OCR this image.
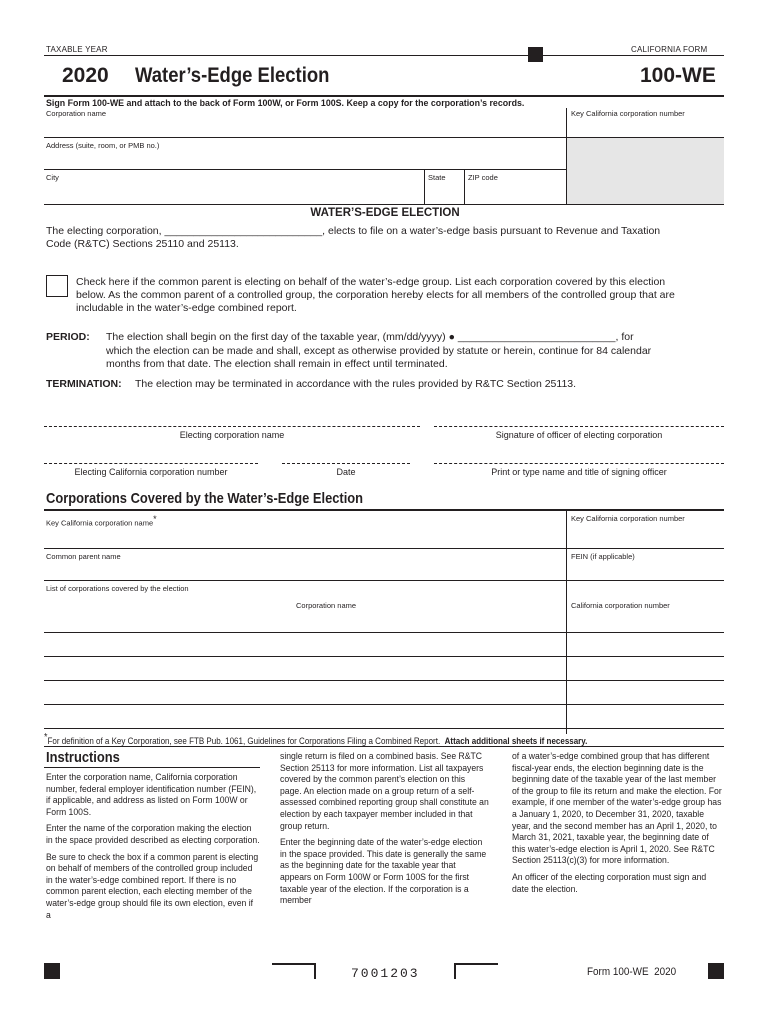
TAXABLE YEAR	CALIFORNIA FORM
2020 Water’s-Edge Election	100-WE
Sign Form 100-WE and attach to the back of Form 100W, or Form 100S. Keep a copy for the corporation’s records.
Corporation name	Key California corporation number
Address (suite, room, or PMB no.)
City	State	ZIP code
WATER’S-EDGE ELECTION
The electing corporation, ___________________________, elects to file on a water’s-edge basis pursuant to Revenue and Taxation
Code (R&TC) Sections 25110 and 25113.
Check here if the common parent is electing on behalf of the water’s-edge group. List each corporation covered by this election
below. As the common parent of a controlled group, the corporation hereby elects for all members of the controlled group that are
includable in the water’s-edge combined report.
PERIOD: The election shall begin on the first day of the taxable year, (mm/dd/yyyy) ● ___________________________, for
which the election can be made and shall, except as otherwise provided by statute or herein, continue for 84 calendar
months from that date. The election shall remain in effect until terminated.
TERMINATION: The election may be terminated in accordance with the rules provided by R&TC Section 25113.
Electing corporation name	Signature of officer of electing corporation
Electing California corporation number	Date	Print or type name and title of signing officer
Corporations Covered by the Water’s-Edge Election
Key California corporation name*	Key California corporation number
Common parent name	FEIN (if applicable)
List of corporations covered by the election
Corporation name	California corporation number
*For definition of a Key Corporation, see FTB Pub. 1061, Guidelines for Corporations Filing a Combined Report. Attach additional sheets if necessary.
Instructions

Enter the corporation name, California corporation number, federal employer identification number (FEIN), if applicable, and address as listed on Form 100W or Form 100S.

Enter the name of the corporation making the election in the space provided described as electing corporation.

Be sure to check the box if a common parent is electing on behalf of members of the controlled group included in the water’s-edge combined report. If there is no common parent election, each electing member of the water’s-edge group should file its own election, even if a

single return is filed on a combined basis. See R&TC Section 25113 for more information. List all taxpayers covered by the common parent’s election on this page. An election made on a group return of a self-assessed combined reporting group shall constitute an election by each taxpayer member included in that group return.

Enter the beginning date of the water’s-edge election in the space provided. This date is generally the same as the beginning date for the taxable year that appears on Form 100W or Form 100S for the first taxable year of the election. If the corporation is a member

of a water’s-edge combined group that has different fiscal-year ends, the election beginning date is the beginning date of the taxable year of the last member of the group to file its return and make the election. For example, if one member of the water’s-edge group has a January 1, 2020, to December 31, 2020, taxable year, and the second member has an April 1, 2020, to March 31, 2021, taxable year, the beginning date of this water’s-edge election is April 1, 2020. See R&TC Section 25113(c)(3) for more information.

An officer of the electing corporation must sign and date the election.

7001203	Form 100-WE  2020
